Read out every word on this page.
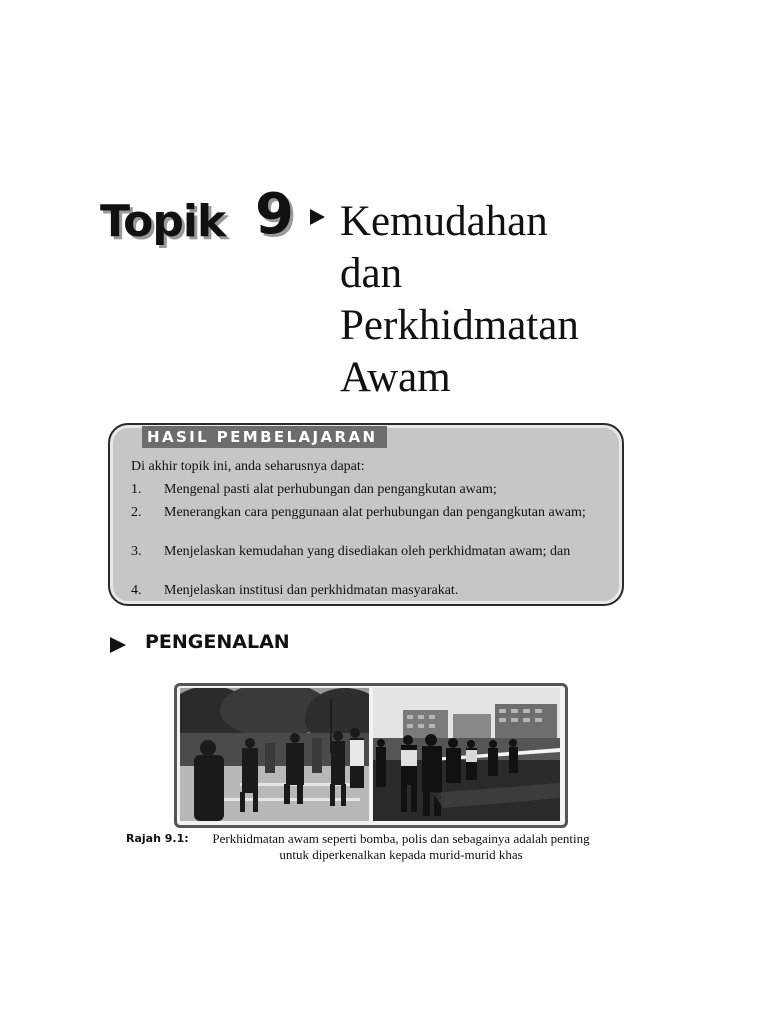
Topik 9 Kemudahan
dan
Perkhidmatan
Awam
HASIL PEMBELAJARAN
Di akhir topik ini, anda seharusnya dapat:
1.	Mengenal pasti alat perhubungan dan pengangkutan awam;
2.	Menerangkan cara penggunaan alat perhubungan dan pengangkutan awam;
3.	Menjelaskan kemudahan yang disediakan oleh perkhidmatan awam; dan
4.	Menjelaskan institusi dan perkhidmatan masyarakat.
PENGENALAN
Rajah 9.1:	Perkhidmatan awam seperti bomba, polis dan sebagainya adalah penting
untuk diperkenalkan kepada murid-murid khas
